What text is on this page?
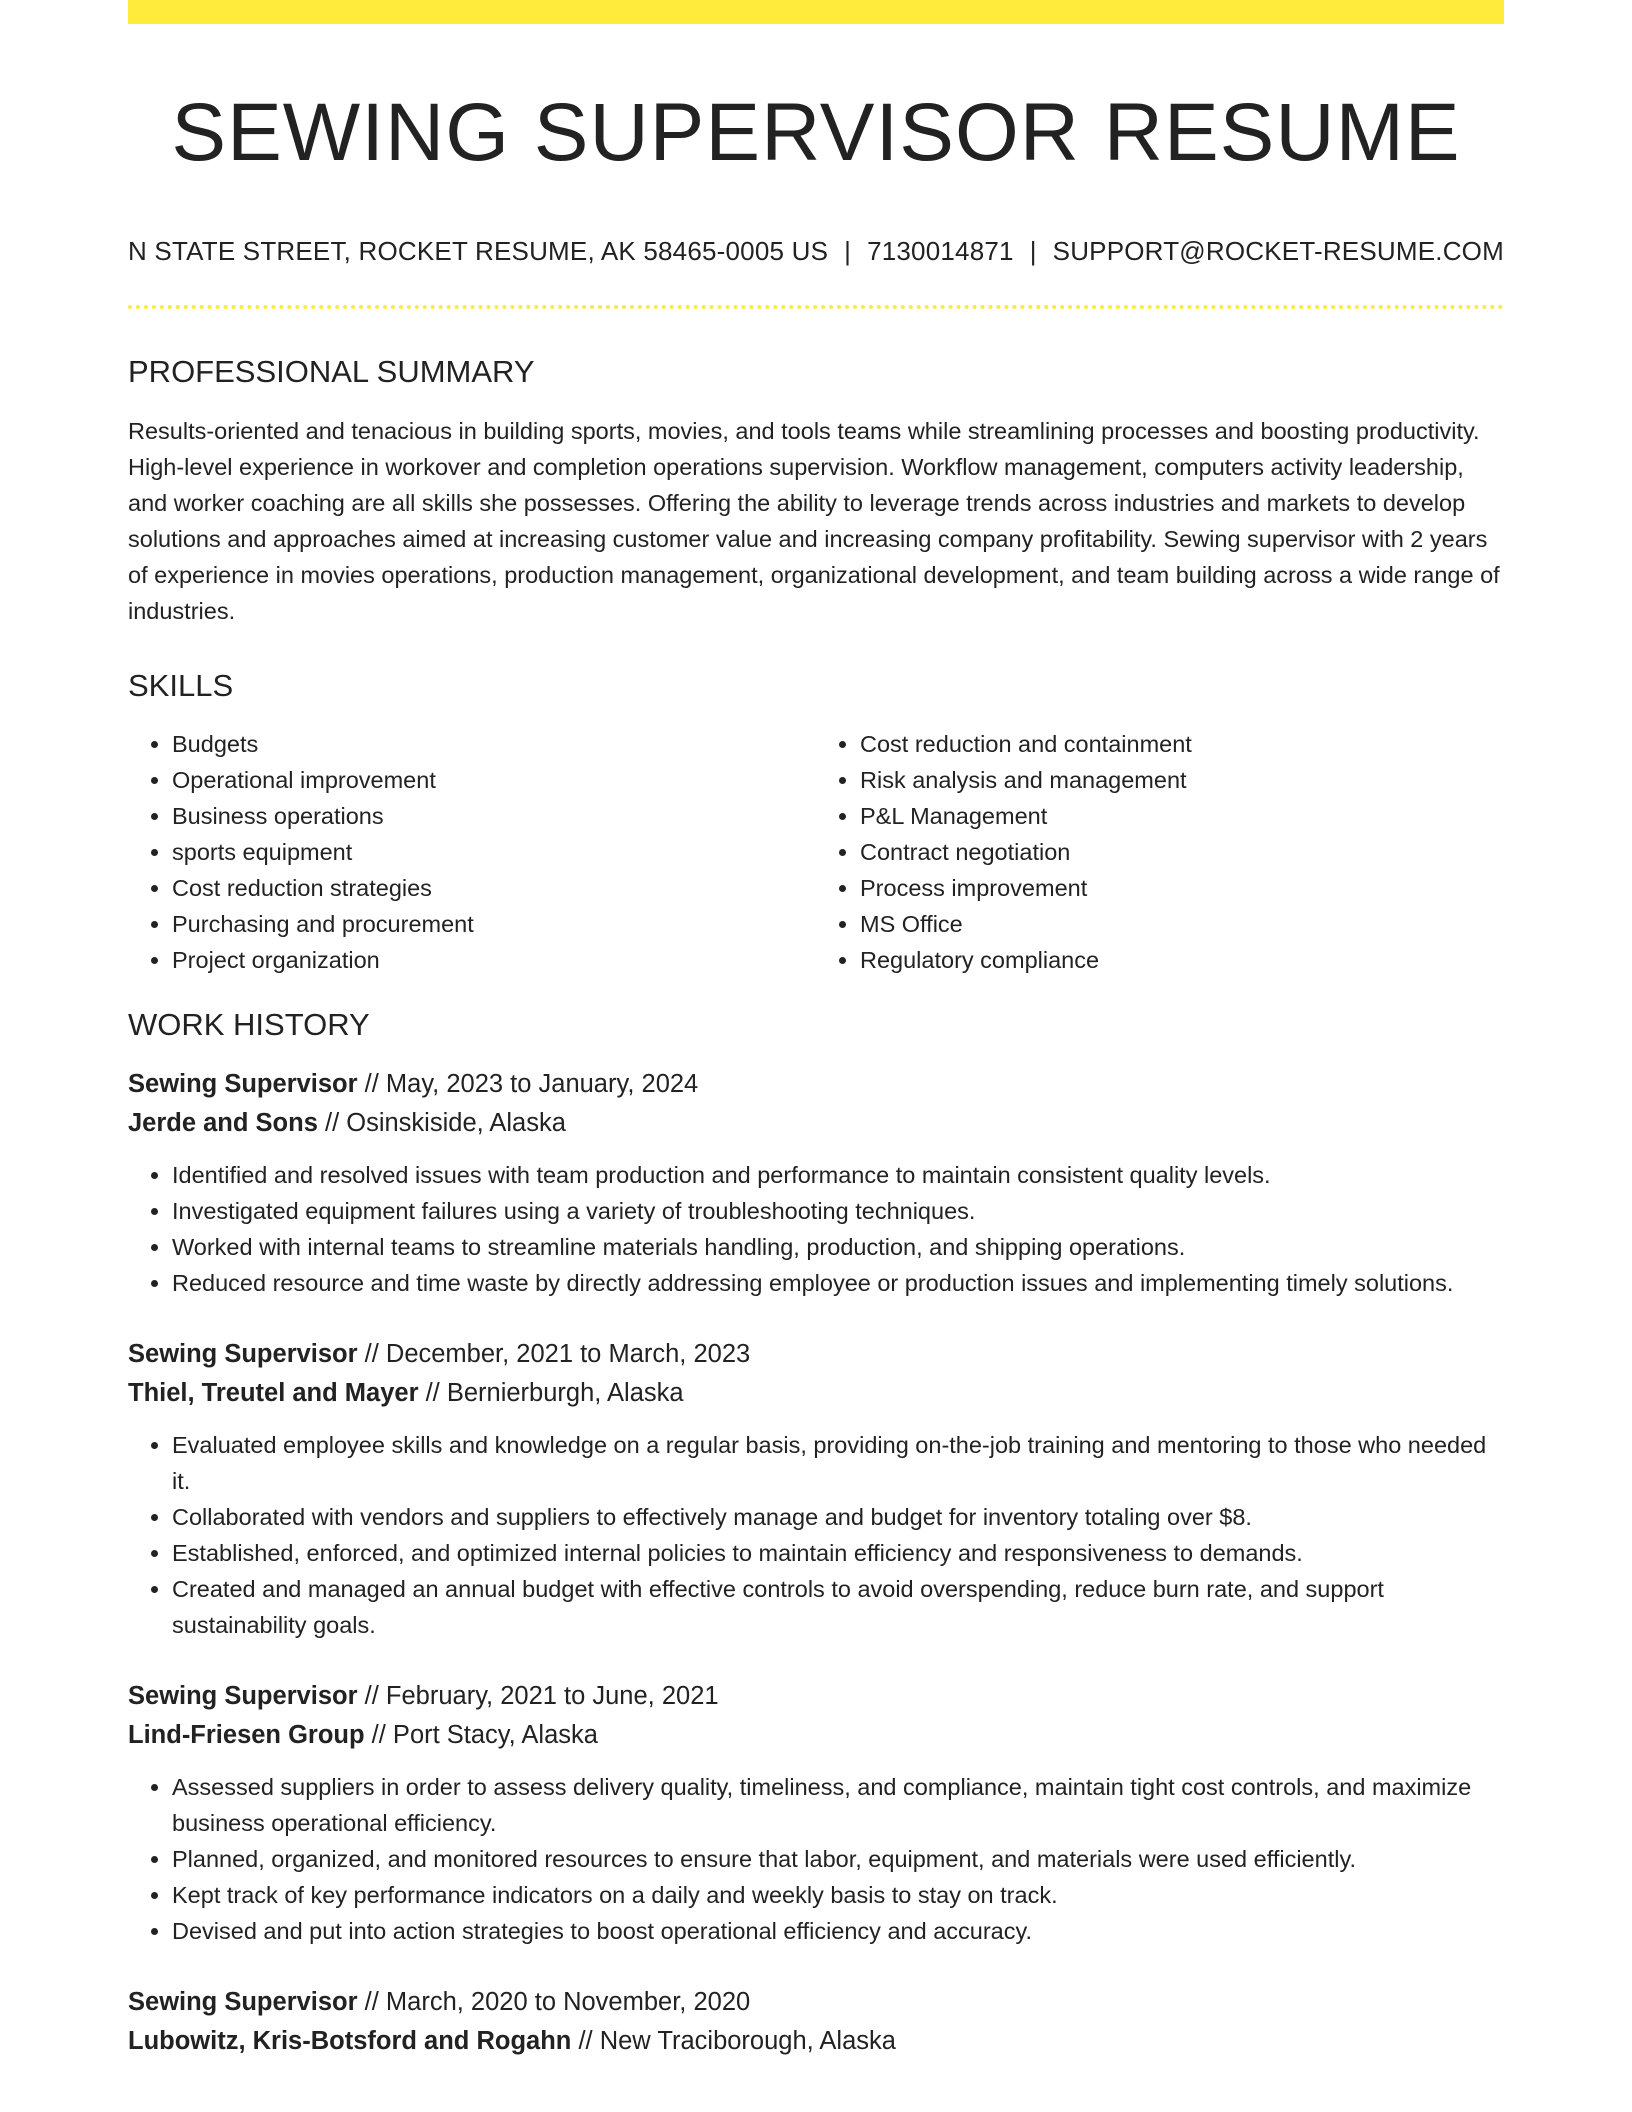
SEWING SUPERVISOR RESUME
N STATE STREET, ROCKET RESUME, AK 58465-0005 US | 7130014871 | SUPPORT@ROCKET-RESUME.COM
PROFESSIONAL SUMMARY
Results-oriented and tenacious in building sports, movies, and tools teams while streamlining processes and boosting productivity. High-level experience in workover and completion operations supervision. Workflow management, computers activity leadership, and worker coaching are all skills she possesses. Offering the ability to leverage trends across industries and markets to develop solutions and approaches aimed at increasing customer value and increasing company profitability. Sewing supervisor with 2 years of experience in movies operations, production management, organizational development, and team building across a wide range of industries.
SKILLS
• Budgets
• Operational improvement
• Business operations
• sports equipment
• Cost reduction strategies
• Purchasing and procurement
• Project organization
• Cost reduction and containment
• Risk analysis and management
• P&L Management
• Contract negotiation
• Process improvement
• MS Office
• Regulatory compliance
WORK HISTORY
Sewing Supervisor // May, 2023 to January, 2024
Jerde and Sons // Osinskiside, Alaska
• Identified and resolved issues with team production and performance to maintain consistent quality levels.
• Investigated equipment failures using a variety of troubleshooting techniques.
• Worked with internal teams to streamline materials handling, production, and shipping operations.
• Reduced resource and time waste by directly addressing employee or production issues and implementing timely solutions.
Sewing Supervisor // December, 2021 to March, 2023
Thiel, Treutel and Mayer // Bernierburgh, Alaska
• Evaluated employee skills and knowledge on a regular basis, providing on-the-job training and mentoring to those who needed it.
• Collaborated with vendors and suppliers to effectively manage and budget for inventory totaling over $8.
• Established, enforced, and optimized internal policies to maintain efficiency and responsiveness to demands.
• Created and managed an annual budget with effective controls to avoid overspending, reduce burn rate, and support sustainability goals.
Sewing Supervisor // February, 2021 to June, 2021
Lind-Friesen Group // Port Stacy, Alaska
• Assessed suppliers in order to assess delivery quality, timeliness, and compliance, maintain tight cost controls, and maximize business operational efficiency.
• Planned, organized, and monitored resources to ensure that labor, equipment, and materials were used efficiently.
• Kept track of key performance indicators on a daily and weekly basis to stay on track.
• Devised and put into action strategies to boost operational efficiency and accuracy.
Sewing Supervisor // March, 2020 to November, 2020
Lubowitz, Kris-Botsford and Rogahn // New Traciborough, Alaska
